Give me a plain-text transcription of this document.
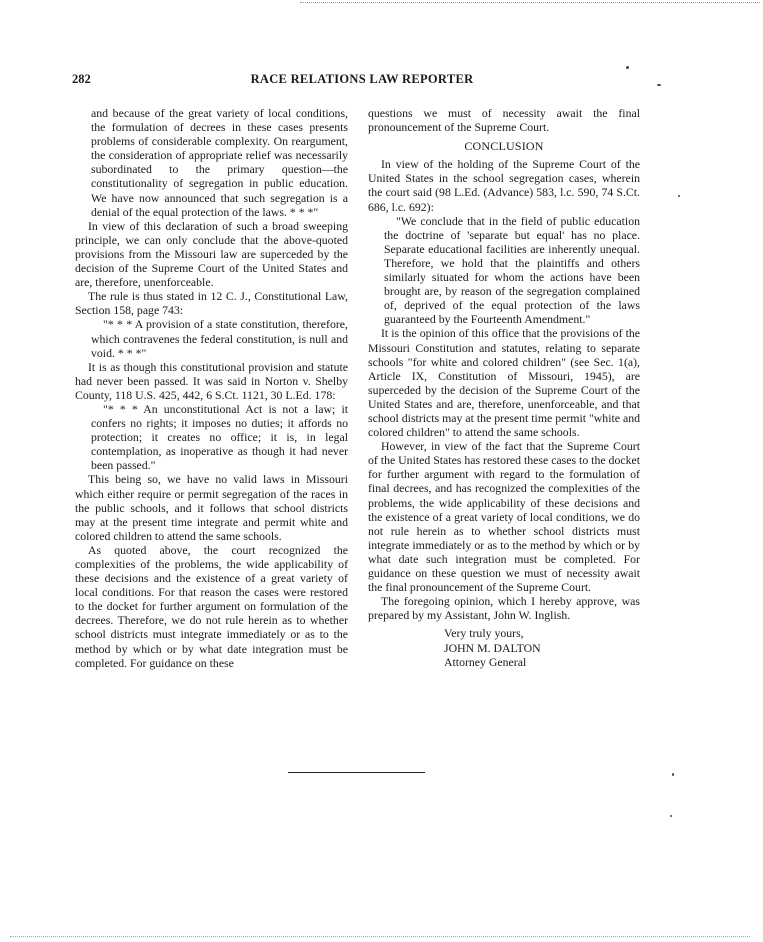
282	RACE RELATIONS LAW REPORTER

and because of the great variety of local conditions, the formulation of decrees in these cases presents problems of considerable complexity. On reargument, the consideration of appropriate relief was necessarily subordinated to the primary question—the constitutionality of segregation in public education. We have now announced that such segregation is a denial of the equal protection of the laws. * * *"

In view of this declaration of such a broad sweeping principle, we can only conclude that the above-quoted provisions from the Missouri law are superceded by the decision of the Supreme Court of the United States and are, therefore, unenforceable.

The rule is thus stated in 12 C. J., Constitutional Law, Section 158, page 743:

"* * * A provision of a state constitution, therefore, which contravenes the federal constitution, is null and void. * * *"

It is as though this constitutional provision and statute had never been passed. It was said in Norton v. Shelby County, 118 U.S. 425, 442, 6 S.Ct. 1121, 30 L.Ed. 178:

"* * * An unconstitutional Act is not a law; it confers no rights; it imposes no duties; it affords no protection; it creates no office; it is, in legal contemplation, as inoperative as though it had never been passed."

This being so, we have no valid laws in Missouri which either require or permit segregation of the races in the public schools, and it follows that school districts may at the present time integrate and permit white and colored children to attend the same schools.

As quoted above, the court recognized the complexities of the problems, the wide applicability of these decisions and the existence of a great variety of local conditions. For that reason the cases were restored to the docket for further argument on formulation of the decrees. Therefore, we do not rule herein as to whether school districts must integrate immediately or as to the method by which or by what date integration must be completed. For guidance on these

questions we must of necessity await the final pronouncement of the Supreme Court.

CONCLUSION

In view of the holding of the Supreme Court of the United States in the school segregation cases, wherein the court said (98 L.Ed. (Advance) 583, l.c. 590, 74 S.Ct. 686, l.c. 692):

"We conclude that in the field of public education the doctrine of 'separate but equal' has no place. Separate educational facilities are inherently unequal. Therefore, we hold that the plaintiffs and others similarly situated for whom the actions have been brought are, by reason of the segregation complained of, deprived of the equal protection of the laws guaranteed by the Fourteenth Amendment."

It is the opinion of this office that the provisions of the Missouri Constitution and statutes, relating to separate schools "for white and colored children" (see Sec. 1(a), Article IX, Constitution of Missouri, 1945), are superceded by the decision of the Supreme Court of the United States and are, therefore, unenforceable, and that school districts may at the present time permit "white and colored children" to attend the same schools.

However, in view of the fact that the Supreme Court of the United States has restored these cases to the docket for further argument with regard to the formulation of final decrees, and has recognized the complexities of the problems, the wide applicability of these decisions and the existence of a great variety of local conditions, we do not rule herein as to whether school districts must integrate immediately or as to the method by which or by what date such integration must be completed. For guidance on these question we must of necessity await the final pronouncement of the Supreme Court.

The foregoing opinion, which I hereby approve, was prepared by my Assistant, John W. Inglish.

Very truly yours,

JOHN M. DALTON

Attorney General
